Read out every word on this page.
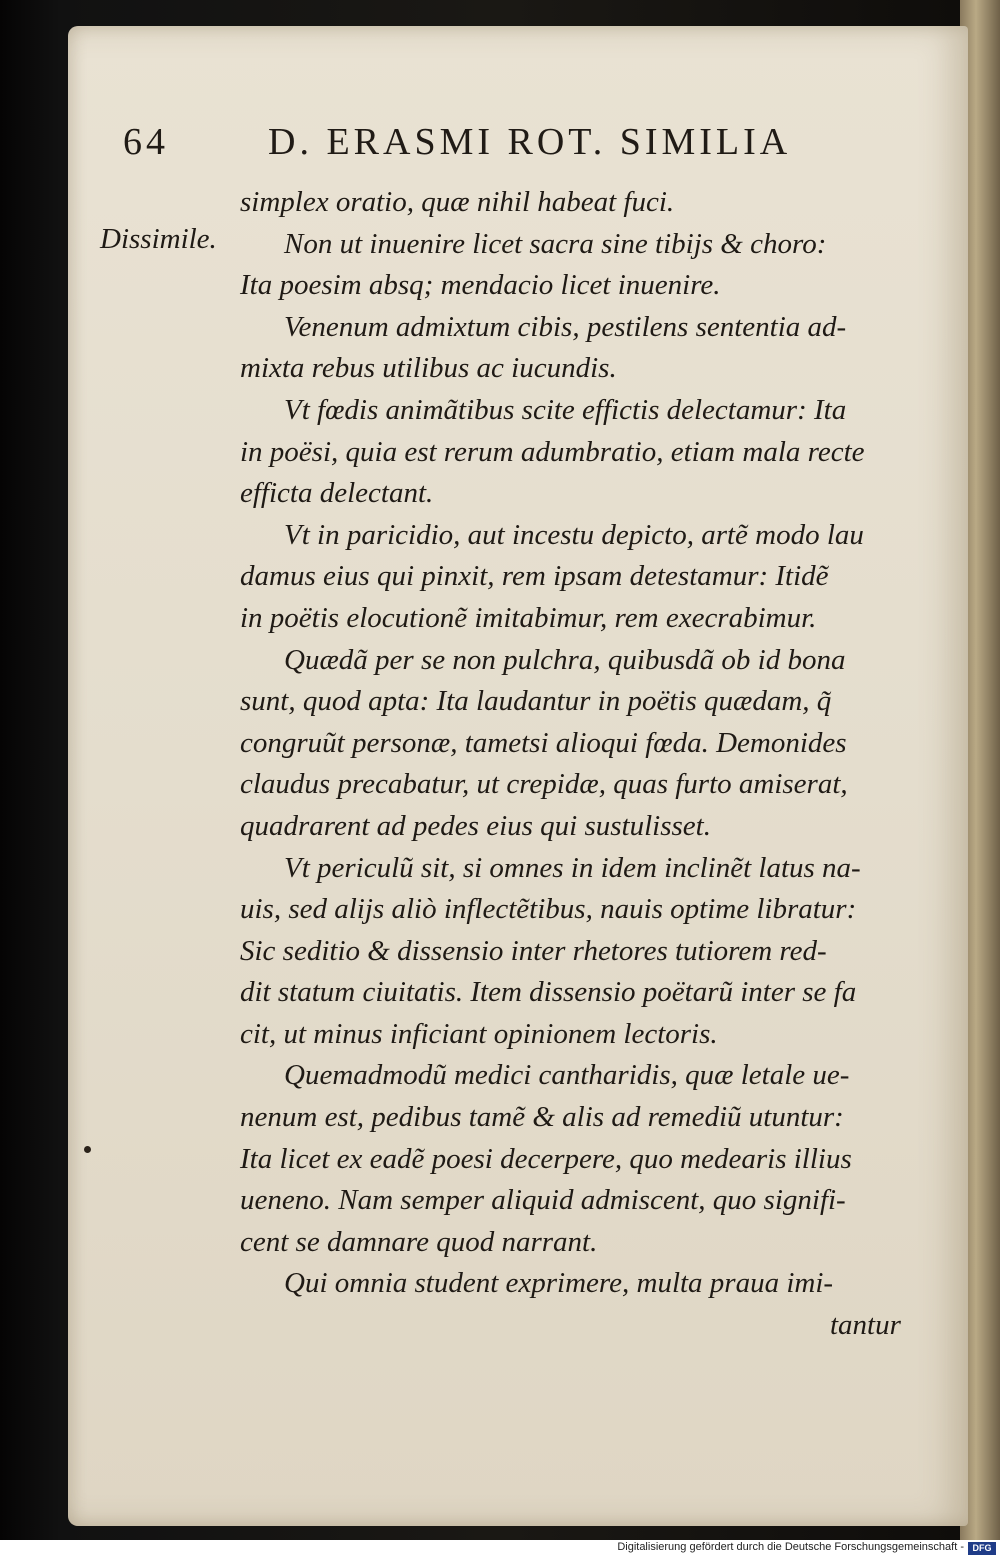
64	D. ERASMI ROT. SIMILIA
Dissimile.
simplex oratio, quæ nihil habeat fuci.
Non ut inuenire licet sacra sine tibijs & choro:
Ita poesim absq; mendacio licet inuenire.
Venenum admixtum cibis, pestilens sententia ad-
mixta rebus utilibus ac iucundis.
Vt fœdis animãtibus scite effictis delectamur: Ita
in poësi, quia est rerum adumbratio, etiam mala recte
efficta delectant.
Vt in paricidio, aut incestu depicto, artẽ modo lau
damus eius qui pinxit, rem ipsam detestamur: Itidẽ
in poëtis elocutionẽ imitabimur, rem execrabimur.
Quædã per se non pulchra, quibusdã ob id bona
sunt, quod apta: Ita laudantur in poëtis quædam, q̃
congruũt personæ, tametsi alioqui fœda. Demonides
claudus precabatur, ut crepidæ, quas furto amiserat,
quadrarent ad pedes eius qui sustulisset.
Vt periculũ sit, si omnes in idem inclinẽt latus na-
uis, sed alijs aliò inflectẽtibus, nauis optime libratur:
Sic seditio & dissensio inter rhetores tutiorem red-
dit statum ciuitatis. Item dissensio poëtarũ inter se fa
cit, ut minus inficiant opinionem lectoris.
Quemadmodũ medici cantharidis, quæ letale ue-
nenum est, pedibus tamẽ & alis ad remediũ utuntur:
Ita licet ex eadẽ poesi decerpere, quo medearis illius
ueneno. Nam semper aliquid admiscent, quo signifi-
cent se damnare quod narrant.
Qui omnia student exprimere, multa praua imi-
tantur
Digitalisierung gefördert durch die Deutsche Forschungsgemeinschaft - DFG
